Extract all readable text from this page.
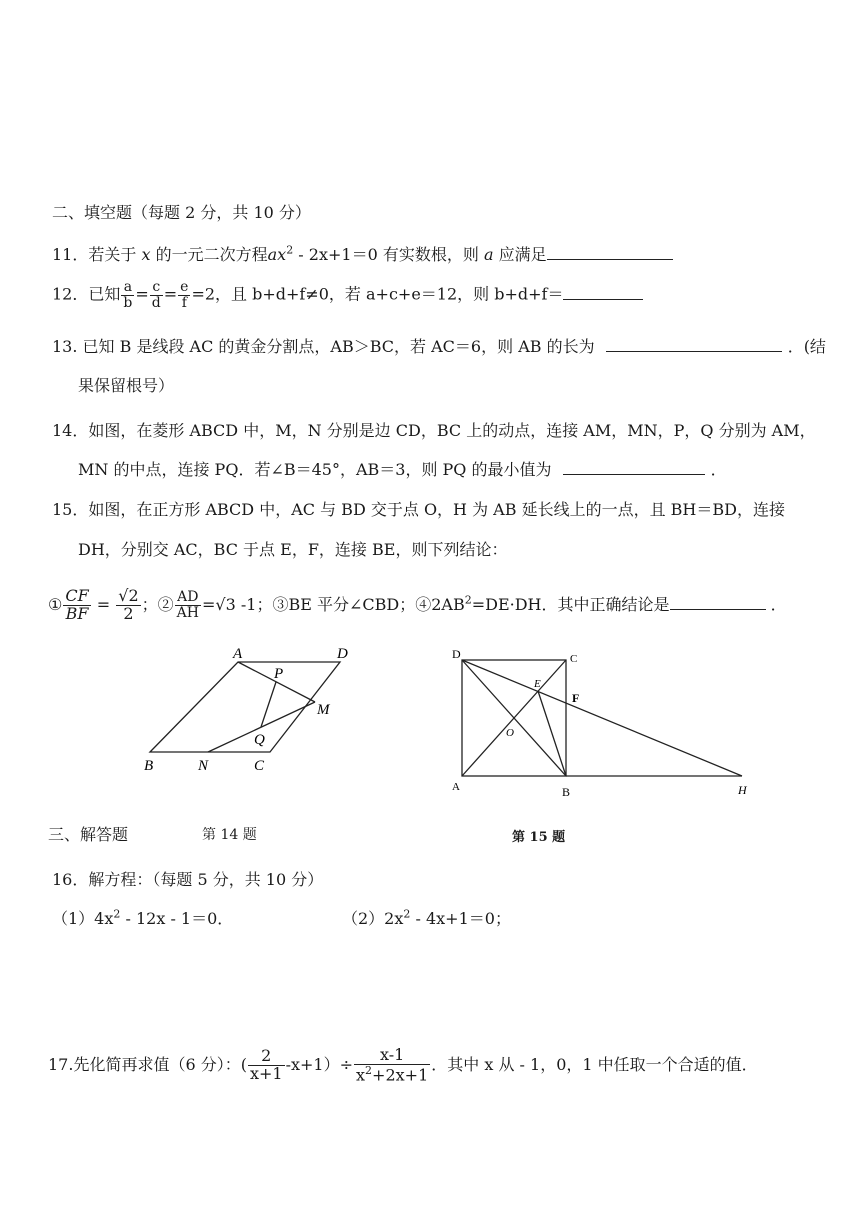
二、填空题（每题 2 分，共 10 分）
11．若关于 x 的一元二次方程$ax^2 - 2x+1=0$ 有实数根，则 a 应满足
12．已知 $\frac{a}{b} = \frac{c}{d} = \frac{e}{f} =2$，且 b+d+f≠0，若 a+c+e＝12，则 b+d+f＝
13. 已知 B 是线段 AC 的黄金分割点，AB＞BC，若 AC＝6，则 AB 的长为	．(结
果保留根号）
14．如图，在菱形 ABCD 中，M，N 分别是边 CD，BC 上的动点，连接 AM，MN，P，Q 分别为 AM，
MN 的中点，连接 PQ．若∠B＝45°，AB＝3，则 PQ 的最小值为	．
15．如图，在正方形 ABCD 中，AC 与 BD 交于点 O，H 为 AB 延长线上的一点，且 BH＝BD，连接
DH，分别交 AC，BC 于点 E，F，连接 BE，则下列结论：
① $\frac{CF}{BF} = \frac{√2}{2}$ ；② $\frac{AD}{AH} =√3$ -1；③BE 平分∠CBD；$④2AB^2=DE\cdot DH$．其中正确结论是	．
A	D
P
M
Q
B	N	C
D	C
E
F
O
A	B	H
三、解答题	第 14 题	第 15 题
16．解方程：（每题 5 分，共 10 分）
$(1)4x^2 - 12x - 1=0$．	$(2)2x^2 - 4x+1=0$；
17.先化简再求值（6 分）：( $\frac{2}{x+1} -x+1)\div \frac{x-1}{x^2+2x+1}$ ．其中 x 从 - 1，0，1 中任取一个合适的值．
